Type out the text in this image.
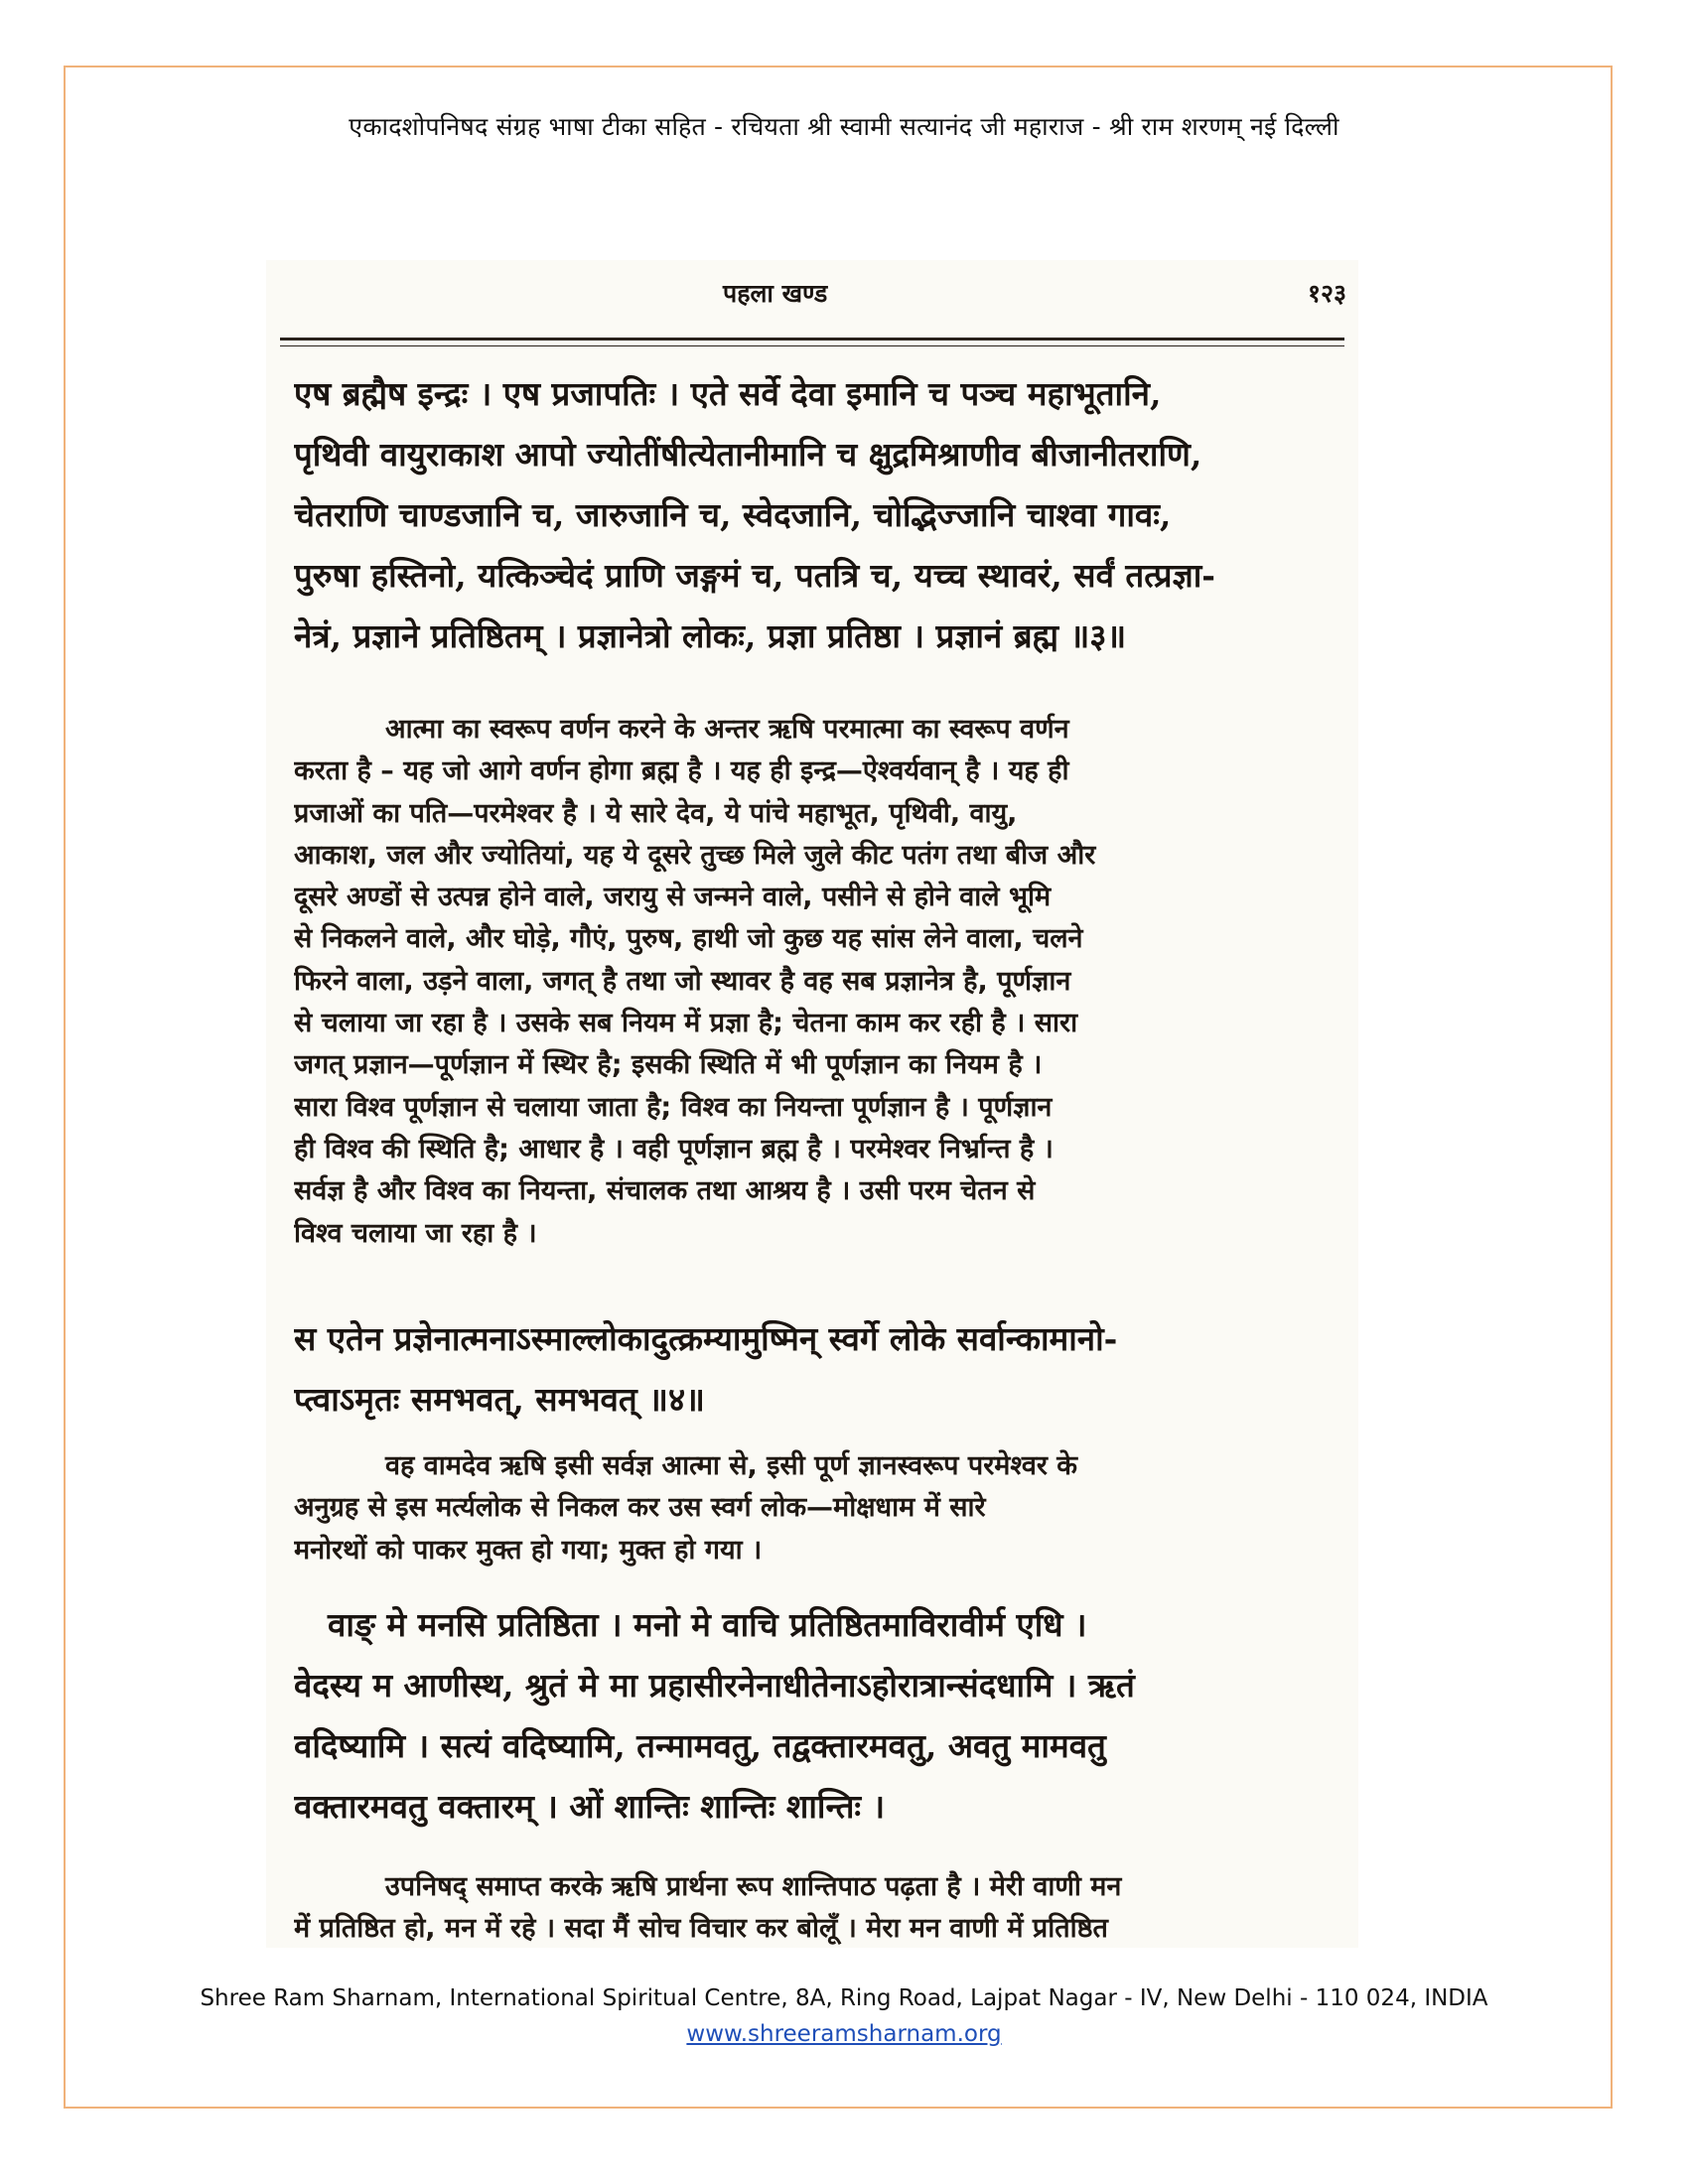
एकादशोपनिषद संग्रह भाषा टीका सहित - रचियता श्री स्वामी सत्यानंद जी महाराज - श्री राम शरणम् नई दिल्ली
पहला खण्ड	१२३
एष ब्रह्मैष इन्द्रः । एष प्रजापतिः । एते सर्वे देवा इमानि च पञ्च महाभूतानि,
पृथिवी वायुराकाश आपो ज्योतींषीत्येतानीमानि च क्षुद्रमिश्राणीव बीजानीतराणि,
चेतराणि चाण्डजानि च, जारुजानि च, स्वेदजानि, चोद्भिज्जानि चाश्वा गावः,
पुरुषा हस्तिनो, यत्किञ्चेदं प्राणि जङ्गमं च, पतत्रि च, यच्च स्थावरं, सर्वं तत्प्रज्ञा-
नेत्रं, प्रज्ञाने प्रतिष्ठितम् । प्रज्ञानेत्रो लोकः, प्रज्ञा प्रतिष्ठा । प्रज्ञानं ब्रह्म ॥३॥
आत्मा का स्वरूप वर्णन करने के अन्तर ऋषि परमात्मा का स्वरूप वर्णन
करता है – यह जो आगे वर्णन होगा ब्रह्म है । यह ही इन्द्र—ऐश्वर्यवान् है । यह ही
प्रजाओं का पति—परमेश्वर है । ये सारे देव, ये पांचे महाभूत, पृथिवी, वायु,
आकाश, जल और ज्योतियां, यह ये दूसरे तुच्छ मिले जुले कीट पतंग तथा बीज और
दूसरे अण्डों से उत्पन्न होने वाले, जरायु से जन्मने वाले, पसीने से होने वाले भूमि
से निकलने वाले, और घोड़े, गौएं, पुरुष, हाथी जो कुछ यह सांस लेने वाला, चलने
फिरने वाला, उड़ने वाला, जगत् है तथा जो स्थावर है वह सब प्रज्ञानेत्र है, पूर्णज्ञान
से चलाया जा रहा है । उसके सब नियम में प्रज्ञा है; चेतना काम कर रही है । सारा
जगत् प्रज्ञान—पूर्णज्ञान में स्थिर है; इसकी स्थिति में भी पूर्णज्ञान का नियम है ।
सारा विश्व पूर्णज्ञान से चलाया जाता है; विश्व का नियन्ता पूर्णज्ञान है । पूर्णज्ञान
ही विश्व की स्थिति है; आधार है । वही पूर्णज्ञान ब्रह्म है । परमेश्वर निर्भ्रान्त है ।
सर्वज्ञ है और विश्व का नियन्ता, संचालक तथा आश्रय है । उसी परम चेतन से
विश्व चलाया जा रहा है ।
स एतेन प्रज्ञेनात्मनाऽस्माल्लोकादुत्क्रम्यामुष्मिन् स्वर्गे लोके सर्वान्कामानो-
प्त्वाऽमृतः समभवत्, समभवत् ॥४॥
वह वामदेव ऋषि इसी सर्वज्ञ आत्मा से, इसी पूर्ण ज्ञानस्वरूप परमेश्वर के
अनुग्रह से इस मर्त्यलोक से निकल कर उस स्वर्ग लोक—मोक्षधाम में सारे
मनोरथों को पाकर मुक्त हो गया; मुक्त हो गया ।
वाङ् मे मनसि प्रतिष्ठिता । मनो मे वाचि प्रतिष्ठितमाविरावीर्म एधि ।
वेदस्य म आणीस्थ, श्रुतं मे मा प्रहासीरनेनाधीतेनाऽहोरात्रान्संदधामि । ऋतं
वदिष्यामि । सत्यं वदिष्यामि, तन्मामवतु, तद्वक्तारमवतु, अवतु मामवतु
वक्तारमवतु वक्तारम् । ओं शान्तिः शान्तिः शान्तिः ।
उपनिषद् समाप्त करके ऋषि प्रार्थना रूप शान्तिपाठ पढ़ता है । मेरी वाणी मन
में प्रतिष्ठित हो, मन में रहे । सदा मैं सोच विचार कर बोलूँ । मेरा मन वाणी में प्रतिष्ठित
Shree Ram Sharnam, International Spiritual Centre, 8A, Ring Road, Lajpat Nagar - IV, New Delhi - 110 024, INDIA
www.shreeramsharnam.org
